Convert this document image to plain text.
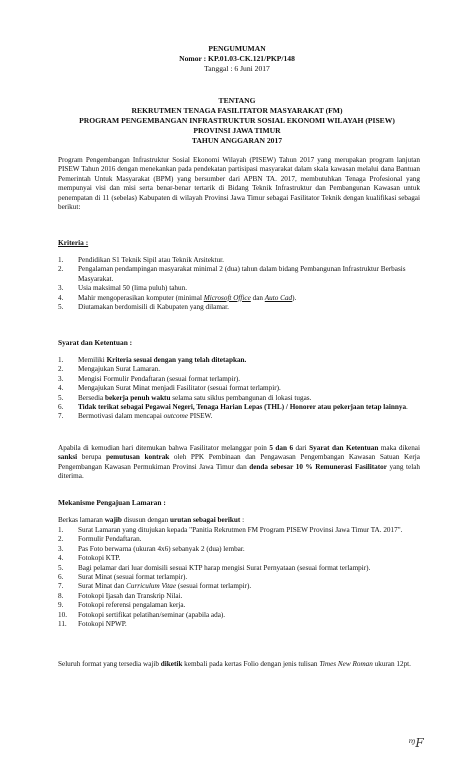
PENGUMUMAN
Nomor : KP.01.03-CK.121/PKP/148
Tanggal : 6 Juni 2017
TENTANG
REKRUTMEN TENAGA FASILITATOR MASYARAKAT (FM)
PROGRAM PENGEMBANGAN INFRASTRUKTUR SOSIAL EKONOMI WILAYAH (PISEW)
PROVINSI JAWA TIMUR
TAHUN ANGGARAN 2017
Program Pengembangan Infrastruktur Sosial Ekonomi Wilayah (PISEW) Tahun 2017 yang merupakan program lanjutan PISEW Tahun 2016 dengan menekankan pada pendekatan partisipasi masyarakat dalam skala kawasan melalui dana Bantuan Pemerintah Untuk Masyarakat (BPM) yang bersumber dari APBN TA. 2017, membutuhkan Tenaga Profesional yang mempunyai visi dan misi serta benar-benar tertarik di Bidang Teknik Infrastruktur dan Pembangunan Kawasan untuk penempatan di 11 (sebelas) Kabupaten di wilayah Provinsi Jawa Timur sebagai Fasilitator Teknik dengan kualifikasi sebagai berikut:
Kriteria :
1.	Pendidikan S1 Teknik Sipil atau Teknik Arsitektur.
2.	Pengalaman pendampingan masyarakat minimal 2 (dua) tahun dalam bidang Pembangunan Infrastruktur Berbasis Masyarakat.
3.	Usia maksimal 50 (lima puluh) tahun.
4.	Mahir mengoperasikan komputer (minimal Microsoft Office dan Auto Cad).
5.	Diutamakan berdomisili di Kabupaten yang dilamar.
Syarat dan Ketentuan :
1.	Memiliki Kriteria sesuai dengan yang telah ditetapkan.
2.	Mengajukan Surat Lamaran.
3.	Mengisi Formulir Pendaftaran (sesuai format terlampir).
4.	Mengajukan Surat Minat menjadi Fasilitator (sesuai format terlampir).
5.	Bersedia bekerja penuh waktu selama satu siklus pembangunan di lokasi tugas.
6.	Tidak terikat sebagai Pegawai Negeri, Tenaga Harian Lepas (THL) / Honorer atau pekerjaan tetap lainnya.
7.	Bermotivasi dalam mencapai outcome PISEW.
Apabila di kemudian hari ditemukan bahwa Fasilitator melanggar poin 5 dan 6 dari Syarat dan Ketentuan maka dikenai sanksi berupa pemutusan kontrak oleh PPK Pembinaan dan Pengawasan Pengembangan Kawasan Satuan Kerja Pengembangan Kawasan Permukiman Provinsi Jawa Timur dan denda sebesar 10 % Remunerasi Fasilitator yang telah diterima.
Mekanisme Pengajuan Lamaran :
Berkas lamaran wajib disusun dengan urutan sebagai berikut :
1.	Surat Lamaran yang ditujukan kepada "Panitia Rekrutmen FM Program PISEW Provinsi Jawa Timur TA. 2017".
2.	Formulir Pendaftaran.
3.	Pas Foto berwarna (ukuran 4x6) sebanyak 2 (dua) lembar.
4.	Fotokopi KTP.
5.	Bagi pelamar dari luar domisili sesuai KTP harap mengisi Surat Pernyataan (sesuai format terlampir).
6.	Surat Minat (sesuai format terlampir).
7.	Surat Minat dan Curriculum Vitae (sesuai format terlampir).
8.	Fotokopi Ijasah dan Transkrip Nilai.
9.	Fotokopi referensi pengalaman kerja.
10.	Fotokopi sertifikat pelatihan/seminar (apabila ada).
11.	Fotokopi NPWP.
Seluruh format yang tersedia wajib diketik kembali pada kertas Folio dengan jenis tulisan Times New Roman ukuran 12pt.
ᶬF
